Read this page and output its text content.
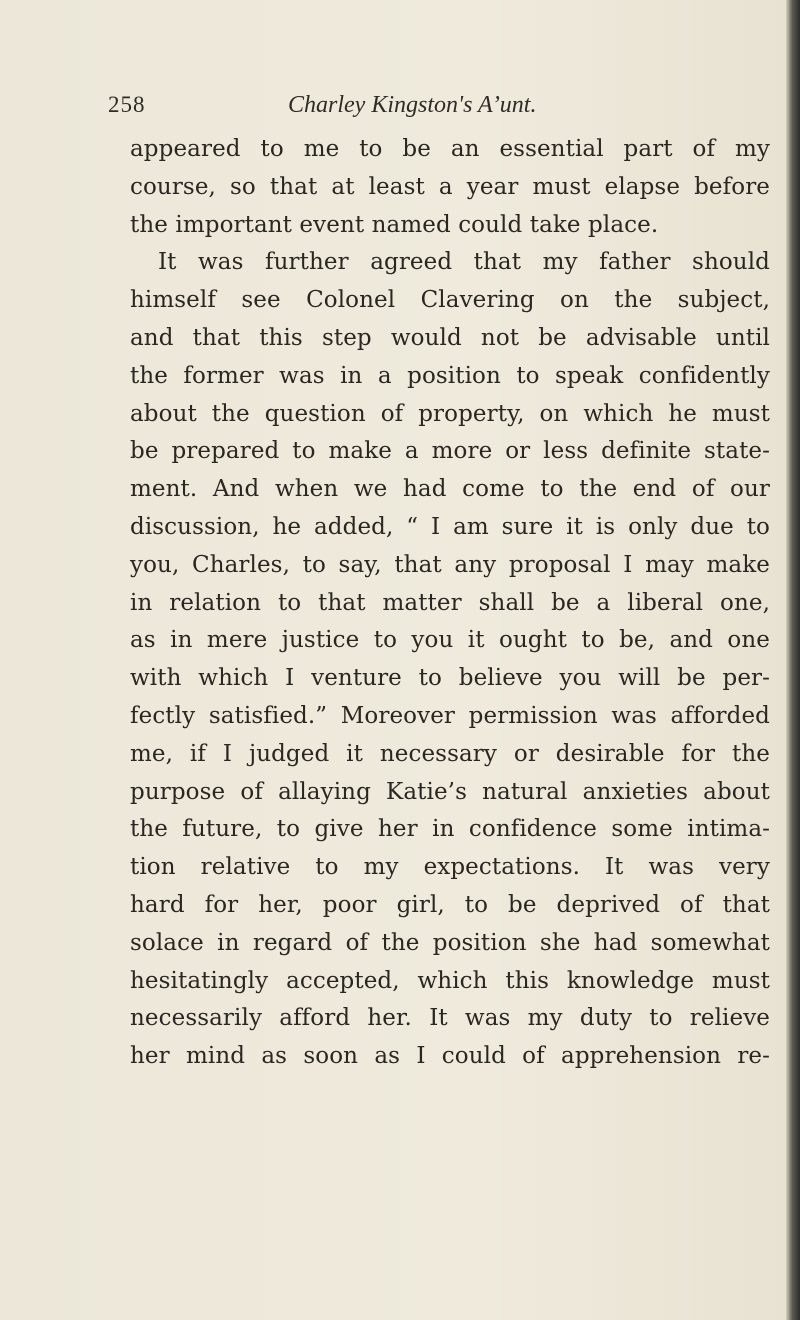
258	Charley Kingston's A’unt.
appeared to me to be an essential part of my
course, so that at least a year must elapse before
the important event named could take place.
It was further agreed that my father should
himself see Colonel Clavering on the subject,
and that this step would not be advisable until
the former was in a position to speak confidently
about the question of property, on which he must
be prepared to make a more or less definite state-
ment. And when we had come to the end of our
discussion, he added, “ I am sure it is only due to
you, Charles, to say, that any proposal I may make
in relation to that matter shall be a liberal one,
as in mere justice to you it ought to be, and one
with which I venture to believe you will be per-
fectly satisfied.” Moreover permission was afforded
me, if I judged it necessary or desirable for the
purpose of allaying Katie’s natural anxieties about
the future, to give her in confidence some intima-
tion relative to my expectations. It was very
hard for her, poor girl, to be deprived of that
solace in regard of the position she had somewhat
hesitatingly accepted, which this knowledge must
necessarily afford her. It was my duty to relieve
her mind as soon as I could of apprehension re-
